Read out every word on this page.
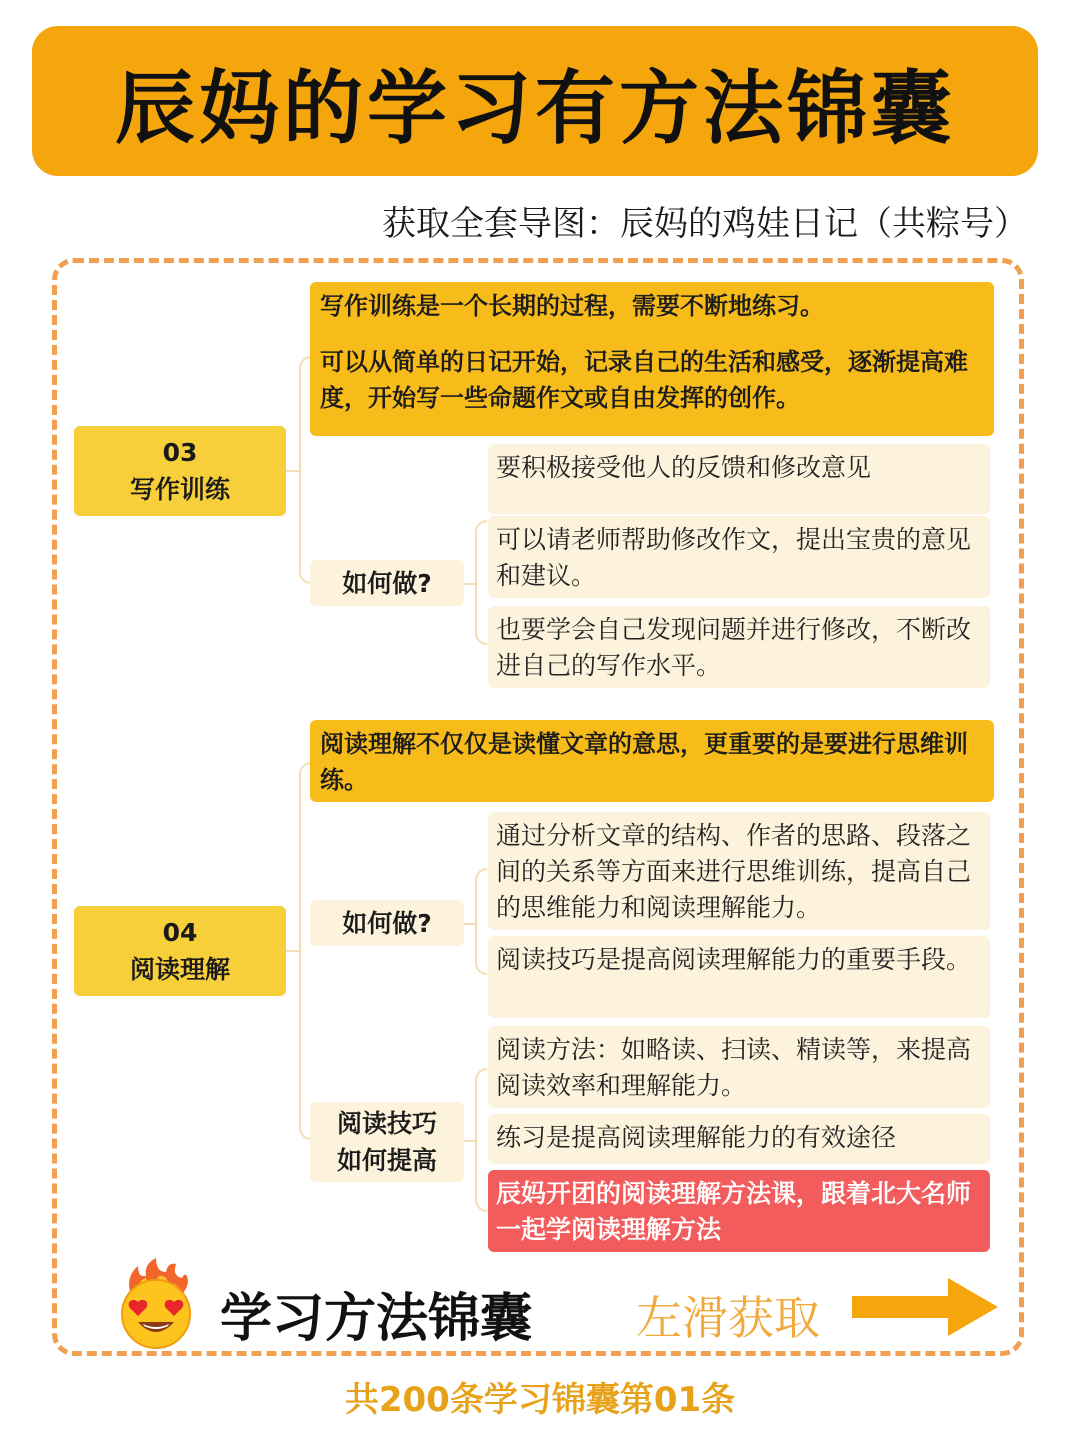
辰妈的学习有方法锦囊
获取全套导图：辰妈的鸡娃日记（共粽号）
03
写作训练

写作训练是一个长期的过程，需要不断地练习。

可以从简单的日记开始，记录自己的生活和感受，逐渐提高难度，开始写一些命题作文或自由发挥的创作。

如何做?
要积极接受他人的反馈和修改意见
可以请老师帮助修改作文，提出宝贵的意见和建议。
也要学会自己发现问题并进行修改，不断改进自己的写作水平。
04
阅读理解

阅读理解不仅仅是读懂文章的意思，更重要的是要进行思维训练。

如何做?
通过分析文章的结构、作者的思路、段落之间的关系等方面来进行思维训练，提高自己的思维能力和阅读理解能力。
阅读技巧是提高阅读理解能力的重要手段。
阅读技巧
如何提高
阅读方法：如略读、扫读、精读等，来提高阅读效率和理解能力。
练习是提高阅读理解能力的有效途径
辰妈开团的阅读理解方法课，跟着北大名师一起学阅读理解方法
学习方法锦囊 左滑获取
共200条学习锦囊第01条
